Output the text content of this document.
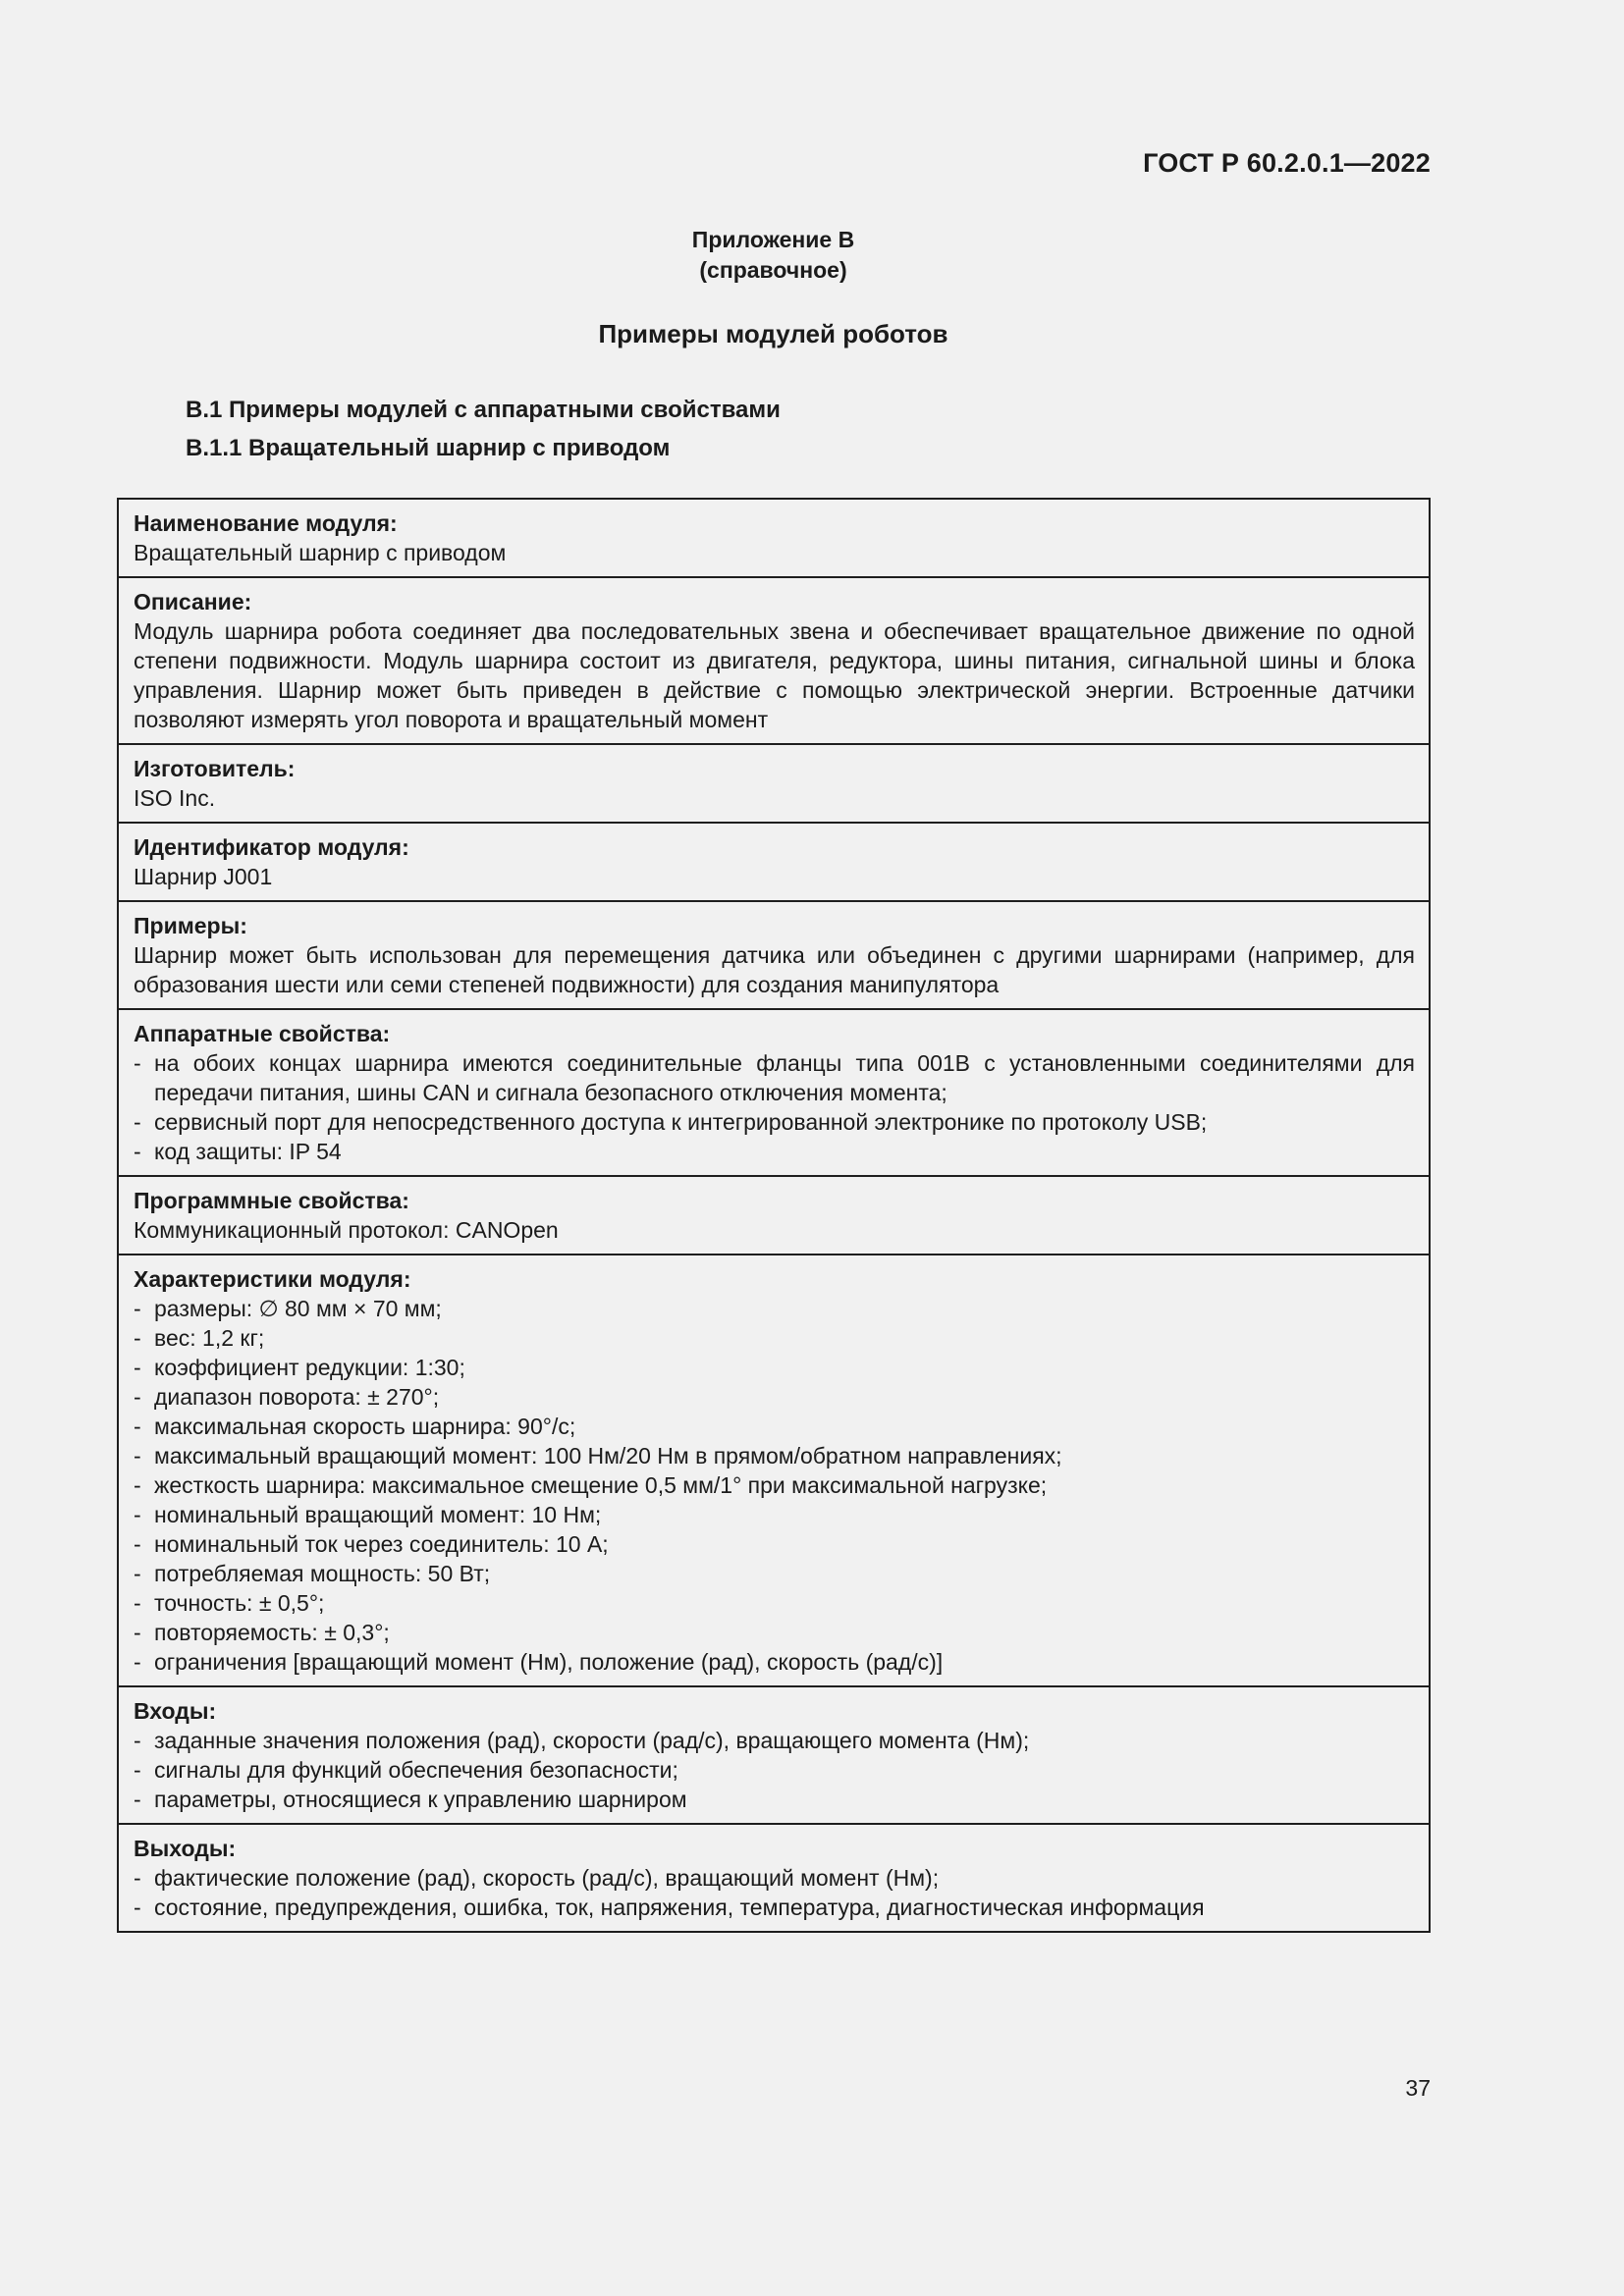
ГОСТ Р 60.2.0.1—2022
Приложение В
(справочное)
Примеры модулей роботов
В.1 Примеры модулей с аппаратными свойствами
В.1.1 Вращательный шарнир с приводом
Наименование модуля:
Вращательный шарнир с приводом

Описание:
Модуль шарнира робота соединяет два последовательных звена и обеспечивает вращательное движение по одной степени подвижности. Модуль шарнира состоит из двигателя, редуктора, шины питания, сигнальной шины и блока управления. Шарнир может быть приведен в действие с помощью электрической энергии. Встроенные датчики позволяют измерять угол поворота и вращательный момент

Изготовитель:
ISO Inc.

Идентификатор модуля:
Шарнир J001

Примеры:
Шарнир может быть использован для перемещения датчика или объединен с другими шарнирами (например, для образования шести или семи степеней подвижности) для создания манипулятора

Аппаратные свойства:
- на обоих концах шарнира имеются соединительные фланцы типа 001B с установленными соединителями для передачи питания, шины CAN и сигнала безопасного отключения момента;
- сервисный порт для непосредственного доступа к интегрированной электронике по протоколу USB;
- код защиты: IP 54

Программные свойства:
Коммуникационный протокол: CANOpen

Характеристики модуля:
- размеры: ∅ 80 мм × 70 мм;
- вес: 1,2 кг;
- коэффициент редукции: 1:30;
- диапазон поворота: ± 270°;
- максимальная скорость шарнира: 90°/с;
- максимальный вращающий момент: 100 Нм/20 Нм в прямом/обратном направлениях;
- жесткость шарнира: максимальное смещение 0,5 мм/1° при максимальной нагрузке;
- номинальный вращающий момент: 10 Нм;
- номинальный ток через соединитель: 10 А;
- потребляемая мощность: 50 Вт;
- точность: ± 0,5°;
- повторяемость: ± 0,3°;
- ограничения [вращающий момент (Нм), положение (рад), скорость (рад/с)]

Входы:
- заданные значения положения (рад), скорости (рад/с), вращающего момента (Нм);
- сигналы для функций обеспечения безопасности;
- параметры, относящиеся к управлению шарниром

Выходы:
- фактические положение (рад), скорость (рад/с), вращающий момент (Нм);
- состояние, предупреждения, ошибка, ток, напряжения, температура, диагностическая информация
37
